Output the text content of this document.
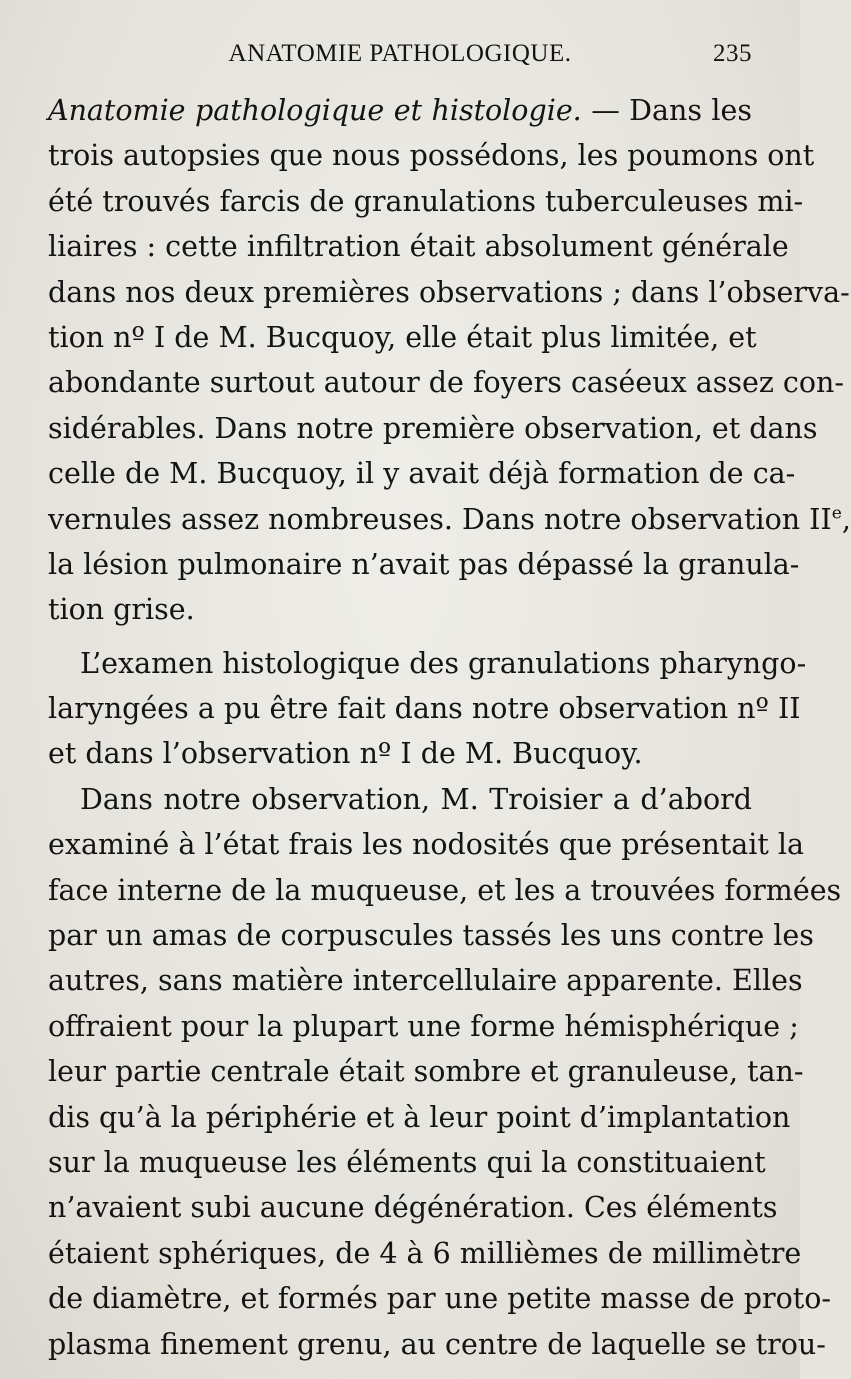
ANATOMIE PATHOLOGIQUE.	235
Anatomie pathologique et histologie. — Dans les
trois autopsies que nous possédons, les poumons ont
été trouvés farcis de granulations tuberculeuses mi-
liaires : cette infiltration était absolument générale
dans nos deux premières observations ; dans l’observa-
tion nº I de M. Bucquoy, elle était plus limitée, et
abondante surtout autour de foyers caséeux assez con-
sidérables. Dans notre première observation, et dans
celle de M. Bucquoy, il y avait déjà formation de ca-
vernules assez nombreuses. Dans notre observation IIe,
la lésion pulmonaire n’avait pas dépassé la granula-
tion grise.
L’examen histologique des granulations pharyngo-
laryngées a pu être fait dans notre observation nº II
et dans l’observation nº I de M. Bucquoy.
Dans notre observation, M. Troisier a d’abord
examiné à l’état frais les nodosités que présentait la
face interne de la muqueuse, et les a trouvées formées
par un amas de corpuscules tassés les uns contre les
autres, sans matière intercellulaire apparente. Elles
offraient pour la plupart une forme hémisphérique ;
leur partie centrale était sombre et granuleuse, tan-
dis qu’à la périphérie et à leur point d’implantation
sur la muqueuse les éléments qui la constituaient
n’avaient subi aucune dégénération. Ces éléments
étaient sphériques, de 4 à 6 millièmes de millimètre
de diamètre, et formés par une petite masse de proto-
plasma finement grenu, au centre de laquelle se trou-
